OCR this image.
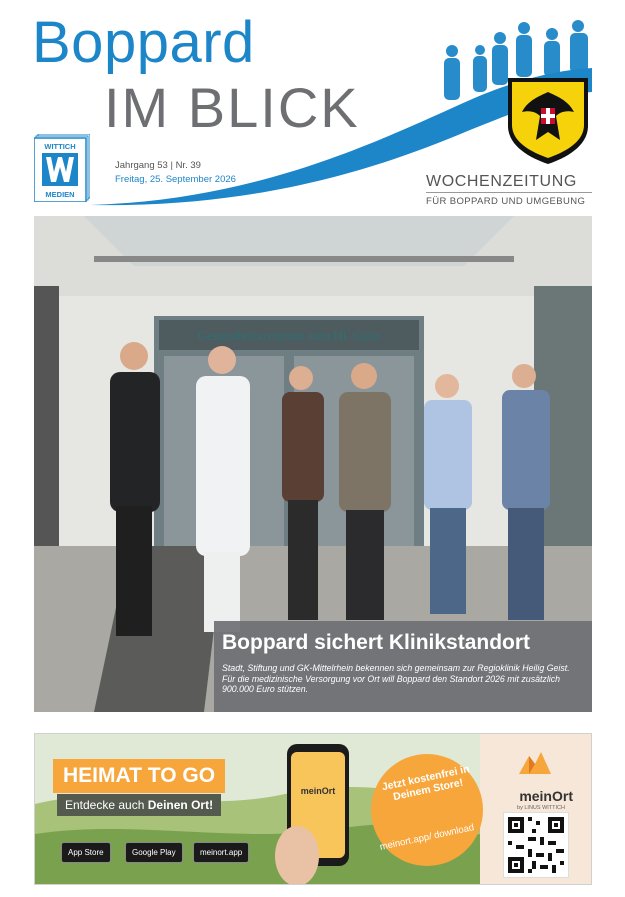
Boppard
IM BLICK
WITTICH
MEDIEN
Jahrgang 53 | Nr. 39
Freitag, 25. September 2026	WOCHENZEITUNG
FÜR BOPPARD UND UMGEBUNG
Gesundheitszentrum zum Hl. Geist
Boppard sichert Klinikstandort
Stadt, Stiftung und GK-Mittelrhein bekennen sich gemeinsam zur Regioklinik Heilig Geist. Für die medizinische Versorgung vor Ort will Boppard den Standort 2026 mit zusätzlich 900.000 Euro stützen.
meinOrt	meinOrt
by LINUS WITTICH
HEIMAT TO GO
Entdecke auch Deinen Ort!
App Store	Google Play	meinort.app
Jetzt kostenfrei in Deinem Store!
meinort.app/ download
